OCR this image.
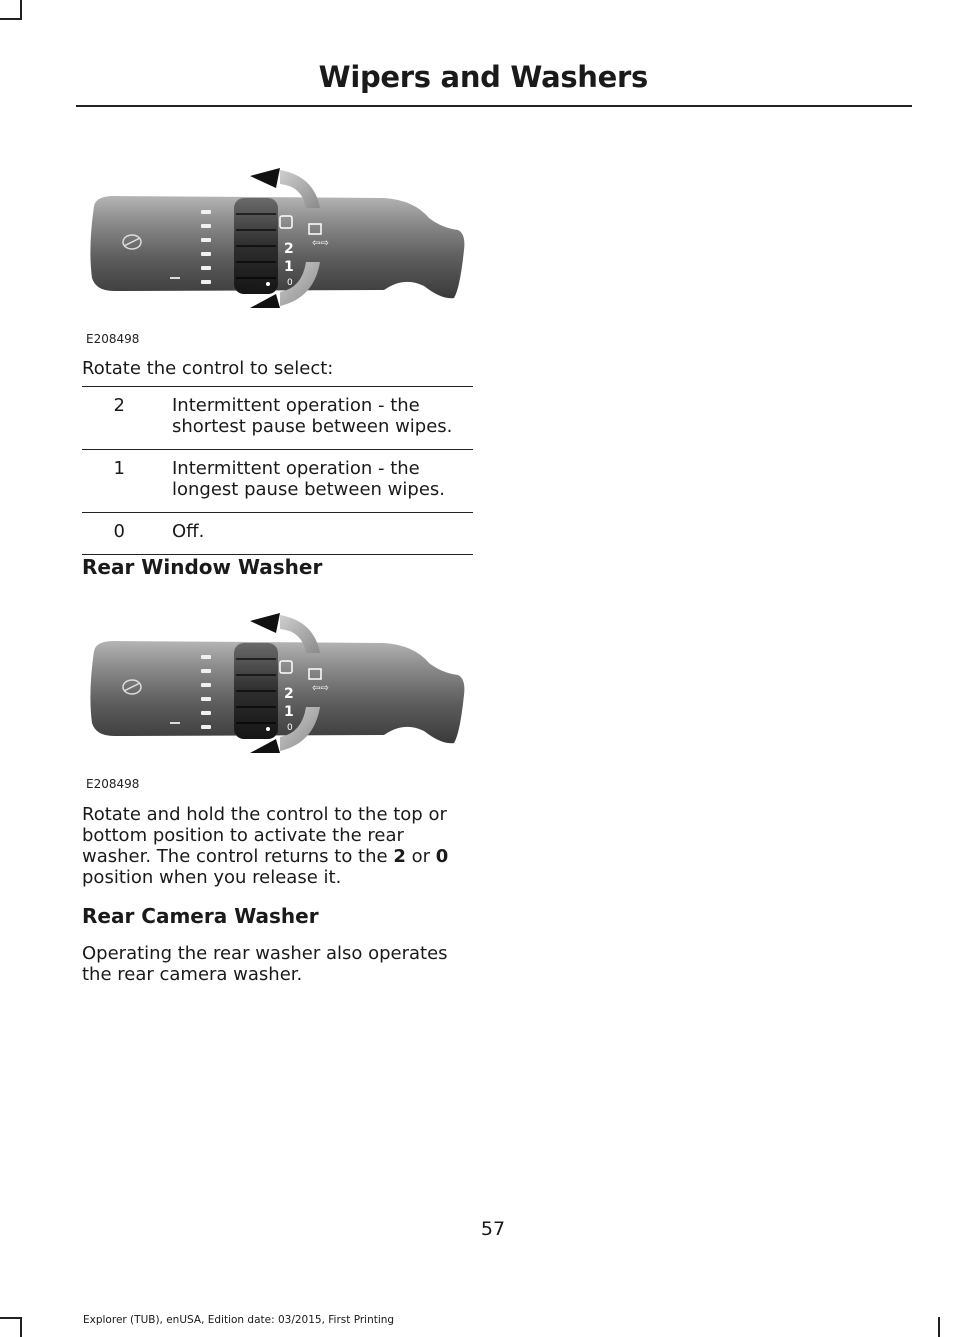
Wipers and Washers
2
1
0
⇦⇨
E208498

Rotate the control to select:

2	Intermittent operation - the shortest pause between wipes.
1	Intermittent operation - the longest pause between wipes.
0	Off.
Rear Window Washer
2
1
0
⇦⇨
E208498

Rotate and hold the control to the top or bottom position to activate the rear washer. The control returns to the 2 or 0 position when you release it.

Rear Camera Washer

Operating the rear washer also operates the rear camera washer.

57
Explorer (TUB), enUSA, Edition date: 03/2015, First Printing
